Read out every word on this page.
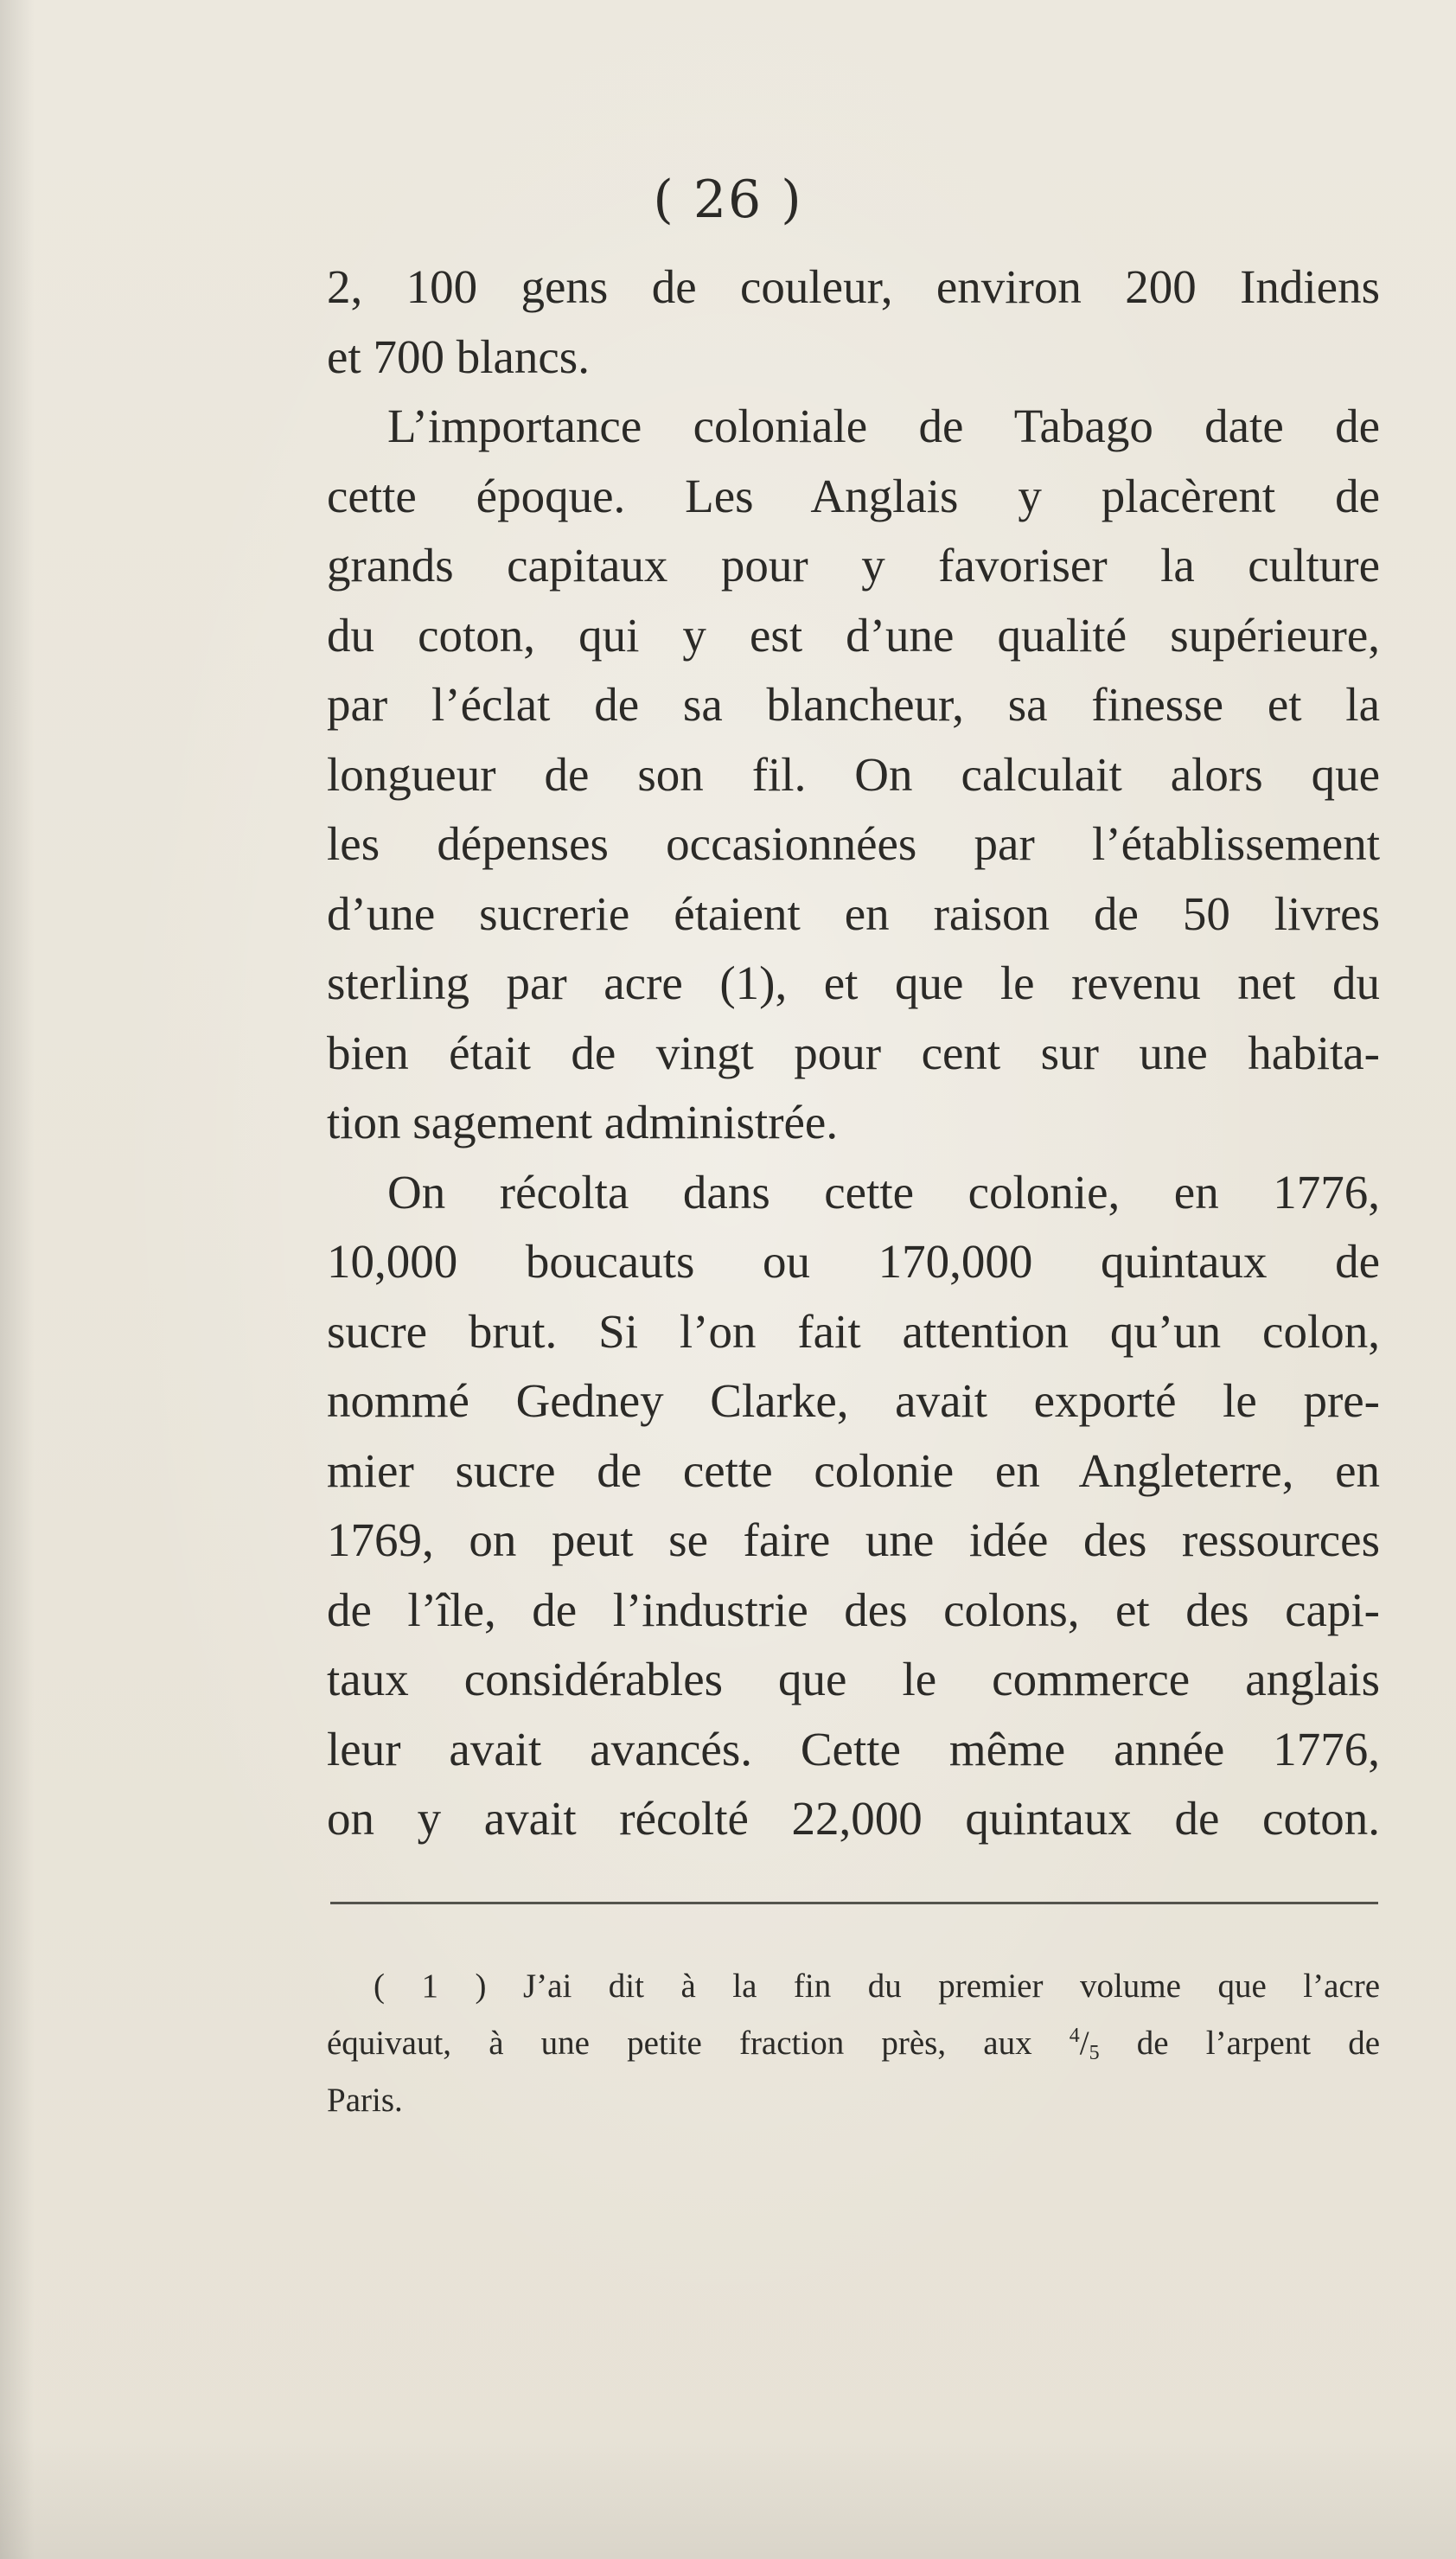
( 26 )
2, 100 gens de couleur, environ 200 Indiens
et 700 blancs.
L’importance coloniale de Tabago date de
cette époque. Les Anglais y placèrent de
grands capitaux pour y favoriser la culture
du coton, qui y est d’une qualité supérieure,
par l’éclat de sa blancheur, sa finesse et la
longueur de son fil. On calculait alors que
les dépenses occasionnées par l’établissement
d’une sucrerie étaient en raison de 50 livres
sterling par acre (1), et que le revenu net du
bien était de vingt pour cent sur une habita-
tion sagement administrée.
On récolta dans cette colonie, en 1776,
10,000 boucauts ou 170,000 quintaux de
sucre brut. Si l’on fait attention qu’un colon,
nommé Gedney Clarke, avait exporté le pre-
mier sucre de cette colonie en Angleterre, en
1769, on peut se faire une idée des ressources
de l’île, de l’industrie des colons, et des capi-
taux considérables que le commerce anglais
leur avait avancés. Cette même année 1776,
on y avait récolté 22,000 quintaux de coton.
( 1 ) J’ai dit à la fin du premier volume que l’acre
équivaut, à une petite fraction près, aux $^4/_5$ de l’arpent de
Paris.
